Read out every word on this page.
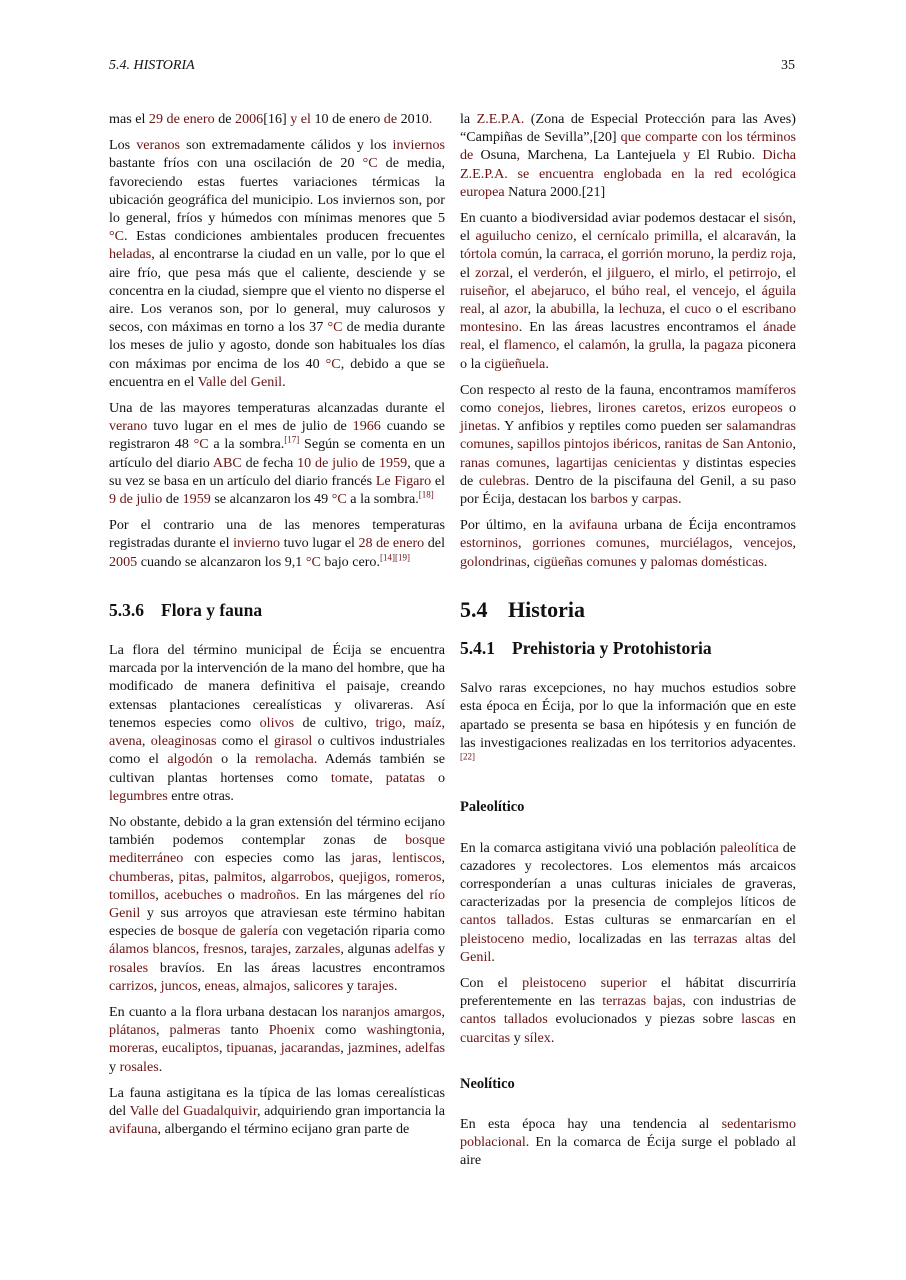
5.4. HISTORIA	35

mas el 29 de enero de 2006[16] y el 10 de enero de 2010.

Los veranos son extremadamente cálidos y los inviernos bastante fríos con una oscilación de 20 °C de media, favoreciendo estas fuertes variaciones térmicas la ubicación geográfica del municipio. Los inviernos son, por lo general, fríos y húmedos con mínimas menores que 5 °C. Estas condiciones ambientales producen frecuentes heladas, al encontrarse la ciudad en un valle, por lo que el aire frío, que pesa más que el caliente, desciende y se concentra en la ciudad, siempre que el viento no disperse el aire. Los veranos son, por lo general, muy calurosos y secos, con máximas en torno a los 37 °C de media durante los meses de julio y agosto, donde son habituales los días con máximas por encima de los 40 °C, debido a que se encuentra en el Valle del Genil.

Una de las mayores temperaturas alcanzadas durante el verano tuvo lugar en el mes de julio de 1966 cuando se registraron 48 °C a la sombra.[17] Según se comenta en un artículo del diario ABC de fecha 10 de julio de 1959, que a su vez se basa en un artículo del diario francés Le Figaro el 9 de julio de 1959 se alcanzaron los 49 °C a la sombra.[18]

Por el contrario una de las menores temperaturas registradas durante el invierno tuvo lugar el 28 de enero del 2005 cuando se alcanzaron los 9,1 °C bajo cero.[14][19]

5.3.6 Flora y fauna

La flora del término municipal de Écija se encuentra marcada por la intervención de la mano del hombre, que ha modificado de manera definitiva el paisaje, creando extensas plantaciones cerealísticas y olivareras. Así tenemos especies como olivos de cultivo, trigo, maíz, avena, oleaginosas como el girasol o cultivos industriales como el algodón o la remolacha. Además también se cultivan plantas hortenses como tomate, patatas o legumbres entre otras.

No obstante, debido a la gran extensión del término ecijano también podemos contemplar zonas de bosque mediterráneo con especies como las jaras, lentiscos, chumberas, pitas, palmitos, algarrobos, quejigos, romeros, tomillos, acebuches o madroños. En las márgenes del río Genil y sus arroyos que atraviesan este término habitan especies de bosque de galería con vegetación riparia como álamos blancos, fresnos, tarajes, zarzales, algunas adelfas y rosales bravíos. En las áreas lacustres encontramos carrizos, juncos, eneas, almajos, salicores y tarajes.

En cuanto a la flora urbana destacan los naranjos amargos, plátanos, palmeras tanto Phoenix como washingtonia, moreras, eucaliptos, tipuanas, jacarandas, jazmines, adelfas y rosales.

La fauna astigitana es la típica de las lomas cerealísticas del Valle del Guadalquivir, adquiriendo gran importancia la avifauna, albergando el término ecijano gran parte de

la Z.E.P.A. (Zona de Especial Protección para las Aves) “Campiñas de Sevilla”,[20] que comparte con los términos de Osuna, Marchena, La Lantejuela y El Rubio. Dicha Z.E.P.A. se encuentra englobada en la red ecológica europea Natura 2000.[21]

En cuanto a biodiversidad aviar podemos destacar el sisón, el aguilucho cenizo, el cernícalo primilla, el alcaraván, la tórtola común, la carraca, el gorrión moruno, la perdiz roja, el zorzal, el verderón, el jilguero, el mirlo, el petirrojo, el ruiseñor, el abejaruco, el búho real, el vencejo, el águila real, al azor, la abubilla, la lechuza, el cuco o el escribano montesino. En las áreas lacustres encontramos el ánade real, el flamenco, el calamón, la grulla, la pagaza piconera o la cigüeñuela.

Con respecto al resto de la fauna, encontramos mamíferos como conejos, liebres, lirones caretos, erizos europeos o jinetas. Y anfibios y reptiles como pueden ser salamandras comunes, sapillos pintojos ibéricos, ranitas de San Antonio, ranas comunes, lagartijas cenicientas y distintas especies de culebras. Dentro de la piscifauna del Genil, a su paso por Écija, destacan los barbos y carpas.

Por último, en la avifauna urbana de Écija encontramos estorninos, gorriones comunes, murciélagos, vencejos, golondrinas, cigüeñas comunes y palomas domésticas.

5.4 Historia
5.4.1 Prehistoria y Protohistoria

Salvo raras excepciones, no hay muchos estudios sobre esta época en Écija, por lo que la información que en este apartado se presenta se basa en hipótesis y en función de las investigaciones realizadas en los territorios adyacentes.[22]

Paleolítico

En la comarca astigitana vivió una población paleolítica de cazadores y recolectores. Los elementos más arcaicos corresponderían a unas culturas iniciales de graveras, caracterizadas por la presencia de complejos líticos de cantos tallados. Estas culturas se enmarcarían en el pleistoceno medio, localizadas en las terrazas altas del Genil.

Con el pleistoceno superior el hábitat discurriría preferentemente en las terrazas bajas, con industrias de cantos tallados evolucionados y piezas sobre lascas en cuarcitas y sílex.

Neolítico

En esta época hay una tendencia al sedentarismo poblacional. En la comarca de Écija surge el poblado al aire
